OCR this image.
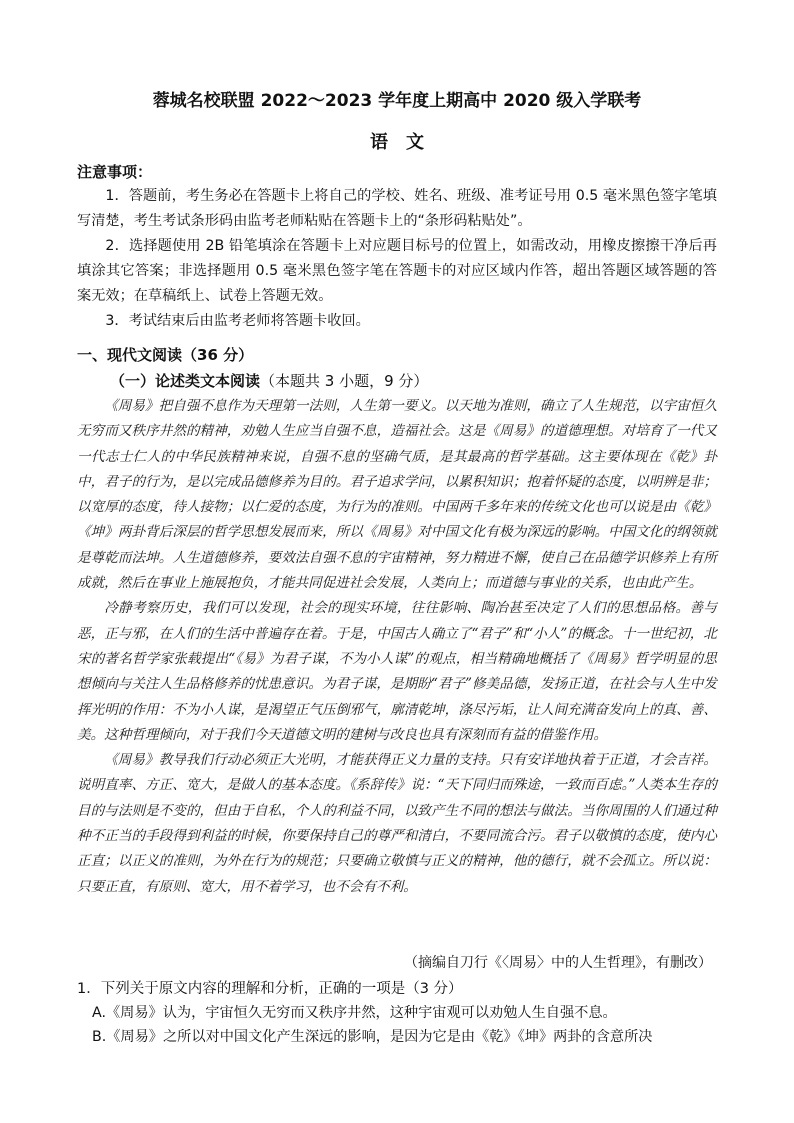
蓉城名校联盟 2022～2023 学年度上期高中 2020 级入学联考
语文
注意事项：

1．答题前，考生务必在答题卡上将自己的学校、姓名、班级、准考证号用 0.5 毫米黑色签字笔填写清楚，考生考试条形码由监考老师粘贴在答题卡上的“条形码粘贴处”。

2．选择题使用 2B 铅笔填涂在答题卡上对应题目标号的位置上，如需改动，用橡皮擦擦干净后再填涂其它答案；非选择题用 0.5 毫米黑色签字笔在答题卡的对应区域内作答，超出答题区域答题的答案无效；在草稿纸上、试卷上答题无效。

3．考试结束后由监考老师将答题卡收回。

一、现代文阅读（36 分）
（一）论述类文本阅读（本题共 3 小题，9 分）

《周易》把自强不息作为天理第一法则，人生第一要义。以天地为准则，确立了人生规范，以宇宙恒久无穷而又秩序井然的精神，劝勉人生应当自强不息，造福社会。这是《周易》的道德理想。对培育了一代又一代志士仁人的中华民族精神来说，自强不息的坚确气质，是其最高的哲学基础。这主要体现在《乾》卦中，君子的行为，是以完成品德修养为目的。君子追求学问，以累积知识；抱着怀疑的态度，以明辨是非；以宽厚的态度，待人接物；以仁爱的态度，为行为的准则。中国两千多年来的传统文化也可以说是由《乾》《坤》两卦背后深层的哲学思想发展而来，所以《周易》对中国文化有极为深远的影响。中国文化的纲领就是尊乾而法坤。人生道德修养，要效法自强不息的宇宙精神，努力精进不懈，使自己在品德学识修养上有所成就，然后在事业上施展抱负，才能共同促进社会发展，人类向上；而道德与事业的关系，也由此产生。

冷静考察历史，我们可以发现，社会的现实环境，往往影响、陶冶甚至决定了人们的思想品格。善与恶，正与邪，在人们的生活中普遍存在着。于是，中国古人确立了“君子”和“小人”的概念。十一世纪初，北宋的著名哲学家张载提出“《易》为君子谋，不为小人谋”的观点，相当精确地概括了《周易》哲学明显的思想倾向与关注人生品格修养的忧患意识。为君子谋，是期盼“君子”修美品德，发扬正道，在社会与人生中发挥光明的作用：不为小人谋，是渴望正气压倒邪气，廓清乾坤，涤尽污垢，让人间充满奋发向上的真、善、美。这种哲理倾向，对于我们今天道德文明的建树与改良也具有深刻而有益的借鉴作用。

《周易》教导我们行动必须正大光明，才能获得正义力量的支持。只有安详地执着于正道，才会吉祥。说明直率、方正、宽大，是做人的基本态度。《系辞传》说：“天下同归而殊途，一致而百虑。”人类本生存的目的与法则是不变的，但由于自私，个人的利益不同，以致产生不同的想法与做法。当你周围的人们通过种种不正当的手段得到利益的时候，你要保持自己的尊严和清白，不要同流合污。君子以敬慎的态度，使内心正直；以正义的准则，为外在行为的规范；只要确立敬慎与正义的精神，他的德行，就不会孤立。所以说：只要正直，有原则、宽大，用不着学习，也不会有不利。

（摘编自刀行《〈周易〉中的人生哲理》，有删改）
1．下列关于原文内容的理解和分析，正确的一项是（3 分）
A.《周易》认为，宇宙恒久无穷而又秩序井然，这种宇宙观可以劝勉人生自强不息。
B.《周易》之所以对中国文化产生深远的影响，是因为它是由《乾》《坤》两卦的含意所决
